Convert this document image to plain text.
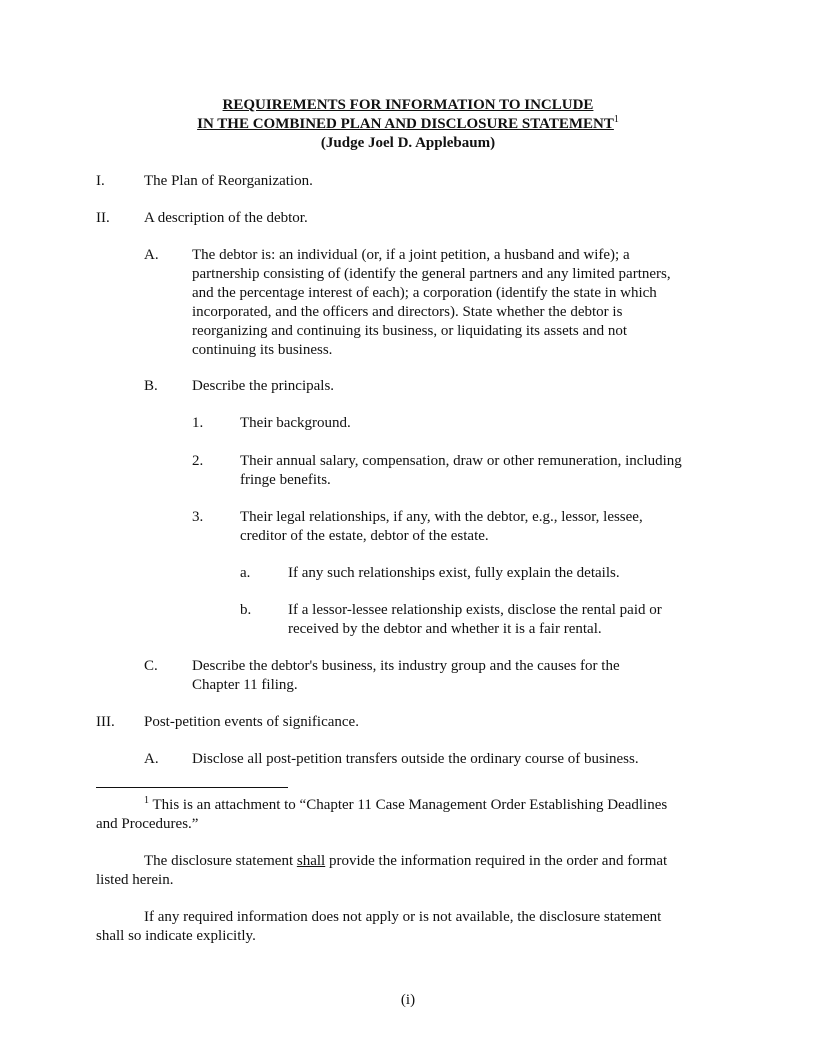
REQUIREMENTS FOR INFORMATION TO INCLUDE
IN THE COMBINED PLAN AND DISCLOSURE STATEMENT$^1$
(Judge Joel D. Applebaum)
I.	The Plan of Reorganization.
II. A description of the debtor.
A. The debtor is: an individual (or, if a joint petition, a husband and wife); a
partnership consisting of (identify the general partners and any limited partners,
and the percentage interest of each); a corporation (identify the state in which
incorporated, and the officers and directors). State whether the debtor is
reorganizing and continuing its business, or liquidating its assets and not
continuing its business.
B. Describe the principals.
1. Their background.
2. Their annual salary, compensation, draw or other remuneration, including
fringe benefits.
3. Their legal relationships, if any, with the debtor, e.g., lessor, lessee,
creditor of the estate, debtor of the estate.
a.	If any such relationships exist, fully explain the details.
b. If a lessor-lessee relationship exists, disclose the rental paid or
received by the debtor and whether it is a fair rental.
C. Describe the debtor's business, its industry group and the causes for the
Chapter 11 filing.
III. Post-petition events of significance.
A. Disclose all post-petition transfers outside the ordinary course of business.
$^1$ This is an attachment to “Chapter 11 Case Management Order Establishing Deadlines
and Procedures.”
The disclosure statement shall provide the information required in the order and format
listed herein.
If any required information does not apply or is not available, the disclosure statement
shall so indicate explicitly.
(i)
